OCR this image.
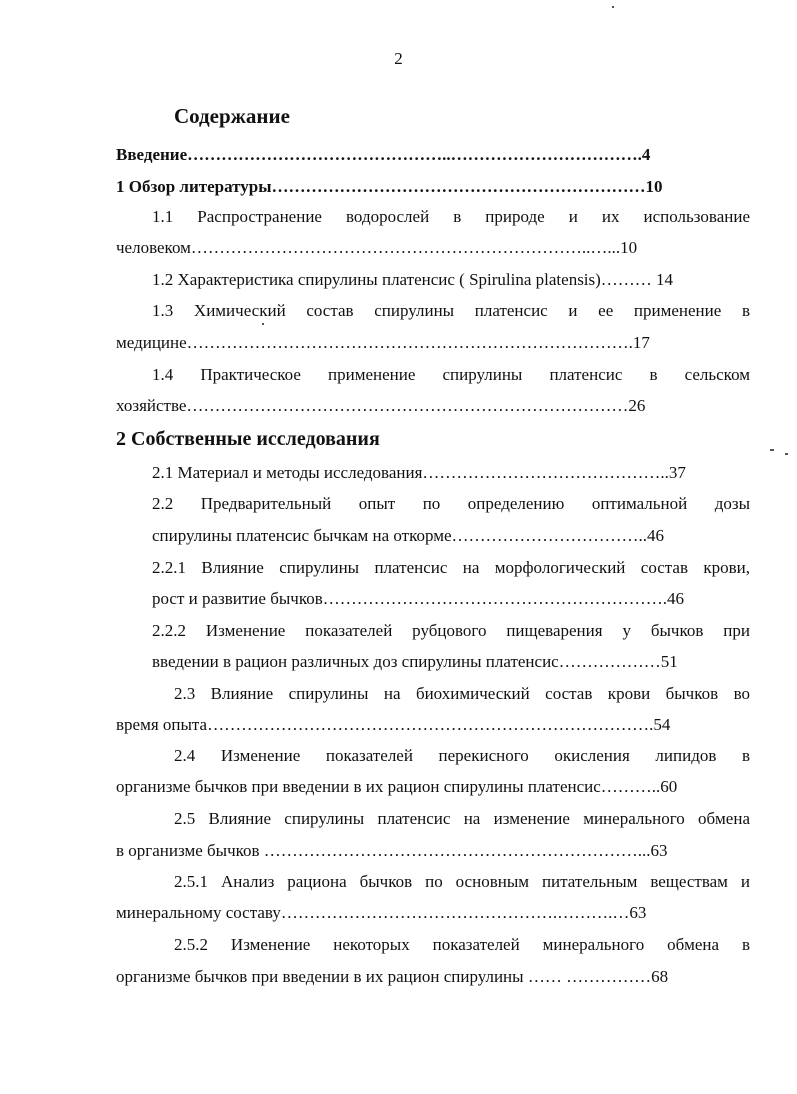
2
Содержание
Введение………………………………………..…………………………….4
1 Обзор литературы…………………………………………………………10
1.1 Распространение водорослей в природе и их использование
человеком……………………………………………………………..…...10
1.2 Характеристика спирулины платенсис ( Spirulina platensis)……… 14
1.3 Химический состав спирулины платенсис и ее применение в
медицине…………………………………………………………………….17
1.4 Практическое применение спирулины платенсис в сельском
хозяйстве……………………………………………………………………26
2 Собственные исследования
2.1 Материал и методы исследования……………………………………..37
2.2 Предварительный опыт по определению оптимальной дозы
спирулины платенсис бычкам на откорме……………………………..46
2.2.1 Влияние спирулины платенсис на морфологический состав крови,
рост и развитие бычков…………………………………………………….46
2.2.2 Изменение показателей рубцового пищеварения у бычков при
введении в рацион различных доз спирулины платенсис………………51
2.3 Влияние спирулины на биохимический состав крови бычков во
время опыта…………………………………………………………………….54
2.4 Изменение показателей перекисного окисления липидов в
организме бычков при введении в их рацион спирулины платенсис………..60
2.5 Влияние спирулины платенсис на изменение минерального обмена
в организме бычков …………………………………………………………...63
2.5.1 Анализ рациона бычков по основным питательным веществам и
минеральному составу………………………………………….……….…63
2.5.2 Изменение некоторых показателей минерального обмена в
организме бычков при введении в их рацион спирулины …… ……………68
